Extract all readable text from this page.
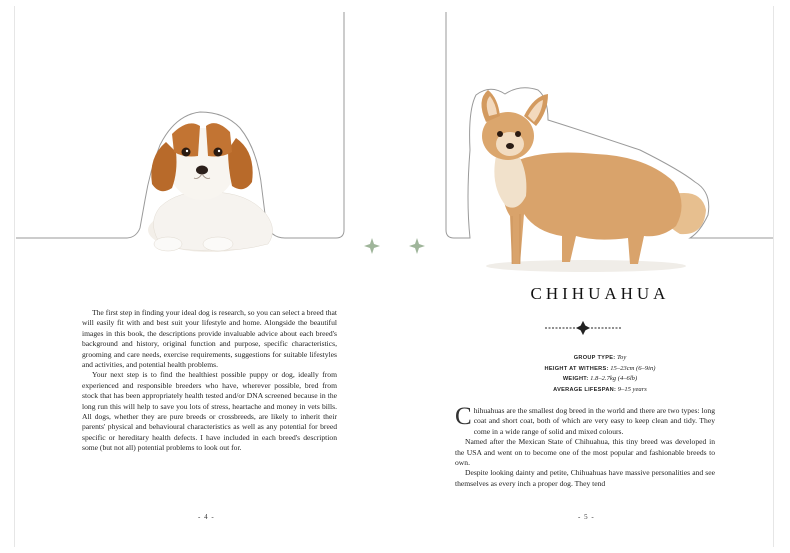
The first step in finding your ideal dog is research, so you can select a breed that will easily fit with and best suit your lifestyle and home. Alongside the beautiful images in this book, the descriptions provide invaluable advice about each breed's background and history, original function and purpose, specific characteristics, grooming and care needs, exercise requirements, suggestions for suitable lifestyles and activities, and potential health problems.

Your next step is to find the healthiest possible puppy or dog, ideally from experienced and responsible breeders who have, wherever possible, bred from stock that has been appropriately health tested and/or DNA screened because in the long run this will help to save you lots of stress, heartache and money in vets bills. All dogs, whether they are pure breeds or crossbreeds, are likely to inherit their parents' physical and behavioural characteristics as well as any potential for breed specific or hereditary health defects. I have included in each breed's description some (but not all) potential problems to look out for.

- 4 -
CHIHUAHUA
GROUP TYPE: Toy
HEIGHT AT WITHERS: 15–23cm (6–9in)
WEIGHT: 1.8–2.7kg (4–6lb)
AVERAGE LIFESPAN: 9–15 years

Chihuahuas are the smallest dog breed in the world and there are two types: long coat and short coat, both of which are very easy to keep clean and tidy. They come in a wide range of solid and mixed colours.

Named after the Mexican State of Chihuahua, this tiny breed was developed in the USA and went on to become one of the most popular and fashionable breeds to own.

Despite looking dainty and petite, Chihuahuas have massive personalities and see themselves as every inch a proper dog. They tend

- 5 -
